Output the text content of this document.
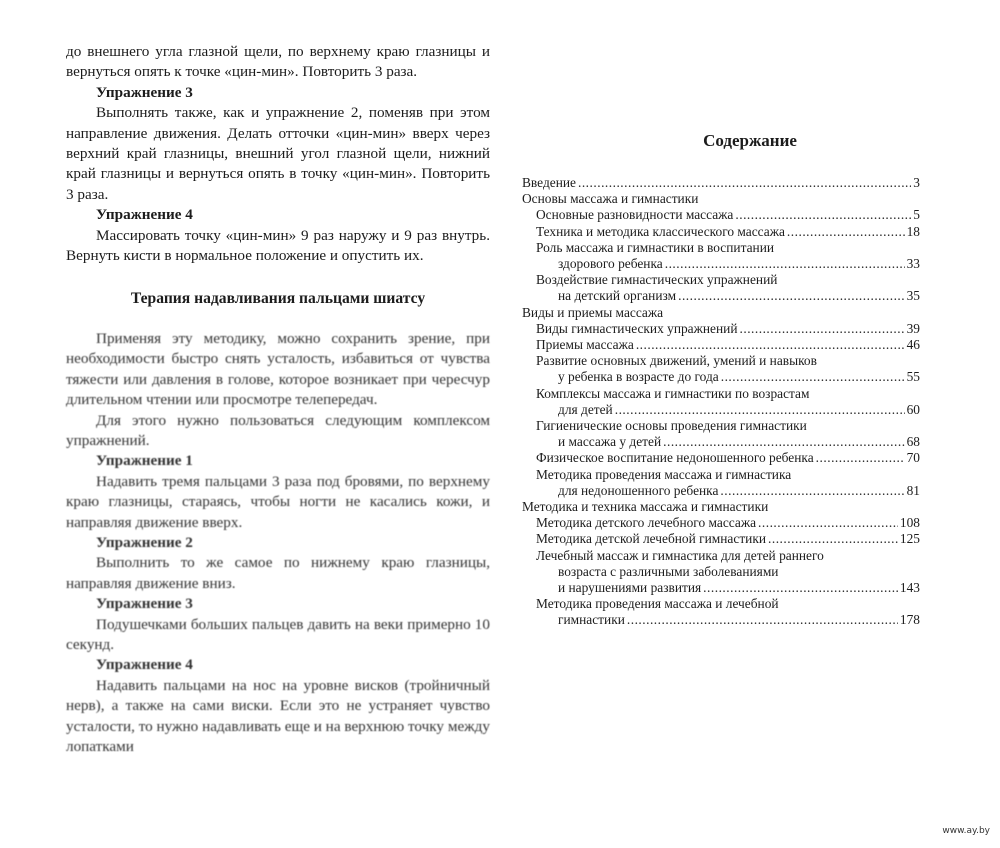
до внешнего угла глазной щели, по верхнему краю глазницы и вернуться опять к точке «цин-мин». Повторить 3 раза.

Упражнение 3

Выполнять также, как и упражнение 2, поменяв при этом направление движения. Делать отточки «цин-мин» вверх через верхний край глазницы, внешний угол глазной щели, нижний край глазницы и вернуться опять в точку «цин-мин». Повторить 3 раза.

Упражнение 4

Массировать точку «цин-мин» 9 раз наружу и 9 раз внутрь. Вернуть кисти в нормальное положение и опустить их.

Терапия надавливания пальцами шиатсу

Применяя эту методику, можно сохранить зрение, при необходимости быстро снять усталость, избавиться от чувства тяжести или давления в голове, которое возникает при чересчур длительном чтении или просмотре телепередач.

Для этого нужно пользоваться следующим комплексом упражнений.

Упражнение 1

Надавить тремя пальцами 3 раза под бровями, по верхнему краю глазницы, стараясь, чтобы ногти не касались кожи, и направляя движение вверх.

Упражнение 2

Выполнить то же самое по нижнему краю глазницы, направляя движение вниз.

Упражнение 3

Подушечками больших пальцев давить на веки примерно 10 секунд.

Упражнение 4

Надавить пальцами на нос на уровне висков (тройничный нерв), а также на сами виски. Если это не устраняет чувство усталости, то нужно надавливать еще и на верхнюю точку между лопатками

Содержание
Введение .....	3
Основы массажа и гимнастики
Основные разновидности массажа .....	5
Техника и методика классического массажа .....	18
Роль массажа и гимнастики в воспитании
здорового ребенка .....	33
Воздействие гимнастических упражнений
на детский организм .....	35
Виды и приемы массажа
Виды гимнастических упражнений .....	39
Приемы массажа .....	46
Развитие основных движений, умений и навыков
у ребенка в возрасте до года .....	55
Комплексы массажа и гимнастики по возрастам
для детей .....	60
Гигиенические основы проведения гимнастики
и массажа у детей .....	68
Физическое воспитание недоношенного ребенка .....	70
Методика проведения массажа и гимнастика
для недоношенного ребенка .....	81
Методика и техника массажа и гимнастики
Методика детского лечебного массажа .....	108
Методика детской лечебной гимнастики .....	125
Лечебный массаж и гимнастика для детей раннего
возраста с различными заболеваниями
и нарушениями развития .....	143
Методика проведения массажа и лечебной
гимнастики .....	178
www.ay.by
